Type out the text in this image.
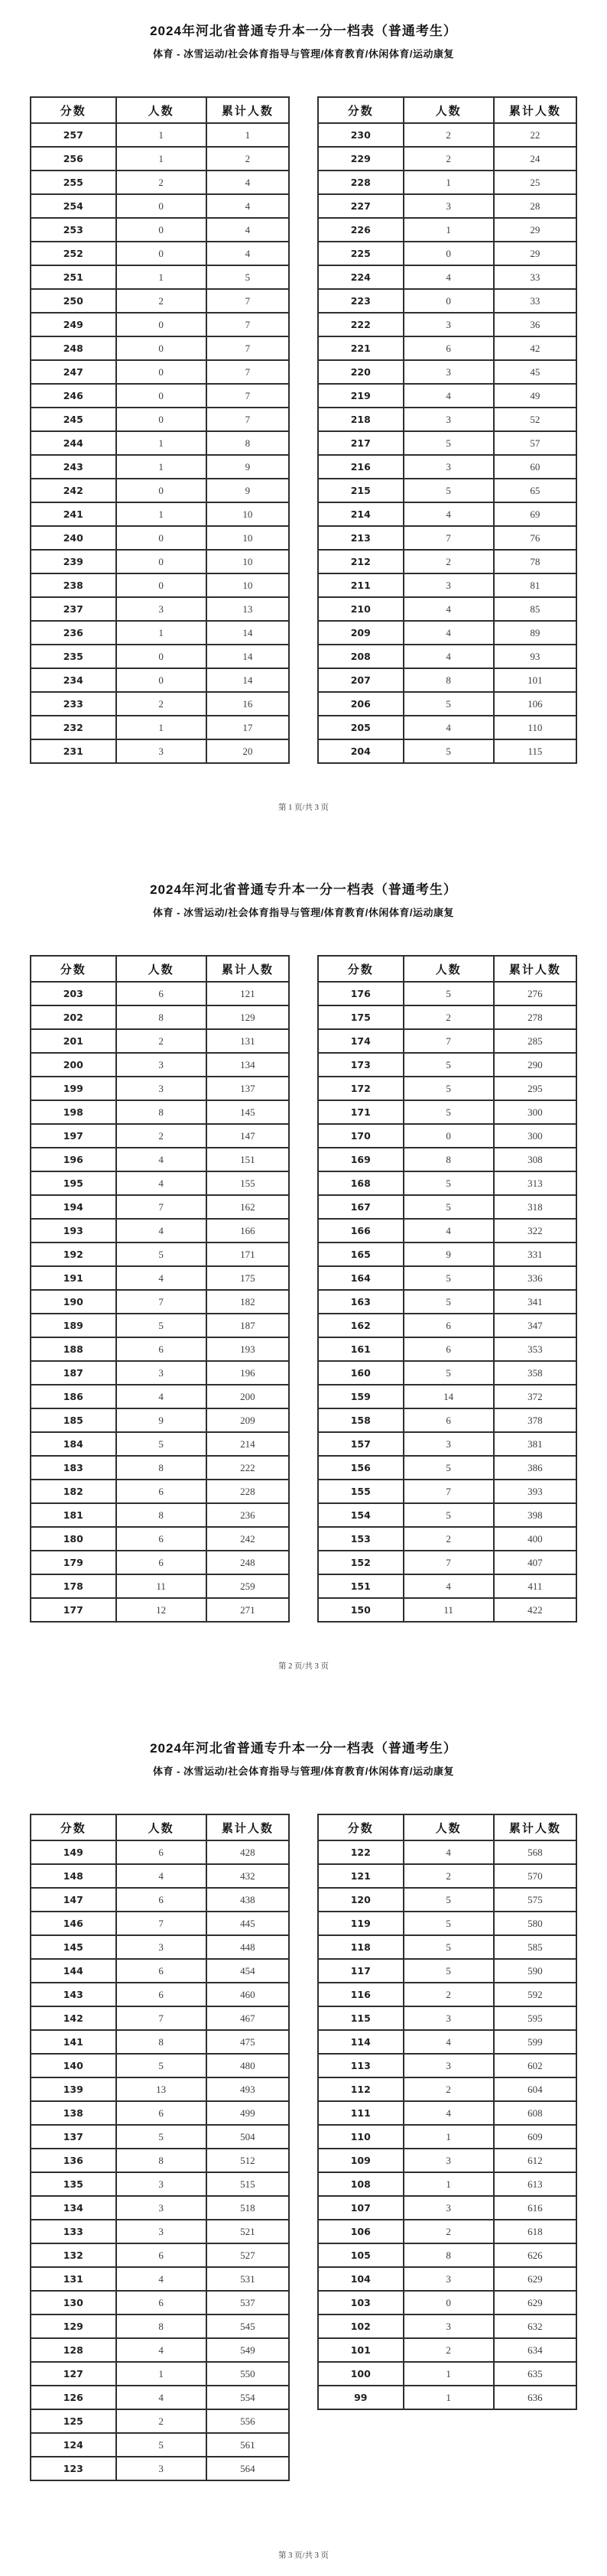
2024年河北省普通专升本一分一档表（普通考生）
体育 - 冰雪运动/社会体育指导与管理/体育教育/休闲体育/运动康复
分数	人数	累计人数
257	1	1
256	1	2
255	2	4
254	0	4
253	0	4
252	0	4
251	1	5
250	2	7
249	0	7
248	0	7
247	0	7
246	0	7
245	0	7
244	1	8
243	1	9
242	0	9
241	1	10
240	0	10
239	0	10
238	0	10
237	3	13
236	1	14
235	0	14
234	0	14
233	2	16
232	1	17
231	3	20
分数	人数	累计人数
230	2	22
229	2	24
228	1	25
227	3	28
226	1	29
225	0	29
224	4	33
223	0	33
222	3	36
221	6	42
220	3	45
219	4	49
218	3	52
217	5	57
216	3	60
215	5	65
214	4	69
213	7	76
212	2	78
211	3	81
210	4	85
209	4	89
208	4	93
207	8	101
206	5	106
205	4	110
204	5	115
第 1 页/共 3 页
2024年河北省普通专升本一分一档表（普通考生）
体育 - 冰雪运动/社会体育指导与管理/体育教育/休闲体育/运动康复
分数	人数	累计人数
203	6	121
202	8	129
201	2	131
200	3	134
199	3	137
198	8	145
197	2	147
196	4	151
195	4	155
194	7	162
193	4	166
192	5	171
191	4	175
190	7	182
189	5	187
188	6	193
187	3	196
186	4	200
185	9	209
184	5	214
183	8	222
182	6	228
181	8	236
180	6	242
179	6	248
178	11	259
177	12	271
分数	人数	累计人数
176	5	276
175	2	278
174	7	285
173	5	290
172	5	295
171	5	300
170	0	300
169	8	308
168	5	313
167	5	318
166	4	322
165	9	331
164	5	336
163	5	341
162	6	347
161	6	353
160	5	358
159	14	372
158	6	378
157	3	381
156	5	386
155	7	393
154	5	398
153	2	400
152	7	407
151	4	411
150	11	422
第 2 页/共 3 页
2024年河北省普通专升本一分一档表（普通考生）
体育 - 冰雪运动/社会体育指导与管理/体育教育/休闲体育/运动康复
分数	人数	累计人数
149	6	428
148	4	432
147	6	438
146	7	445
145	3	448
144	6	454
143	6	460
142	7	467
141	8	475
140	5	480
139	13	493
138	6	499
137	5	504
136	8	512
135	3	515
134	3	518
133	3	521
132	6	527
131	4	531
130	6	537
129	8	545
128	4	549
127	1	550
126	4	554
125	2	556
124	5	561
123	3	564
分数	人数	累计人数
122	4	568
121	2	570
120	5	575
119	5	580
118	5	585
117	5	590
116	2	592
115	3	595
114	4	599
113	3	602
112	2	604
111	4	608
110	1	609
109	3	612
108	1	613
107	3	616
106	2	618
105	8	626
104	3	629
103	0	629
102	3	632
101	2	634
100	1	635
99	1	636
第 3 页/共 3 页
